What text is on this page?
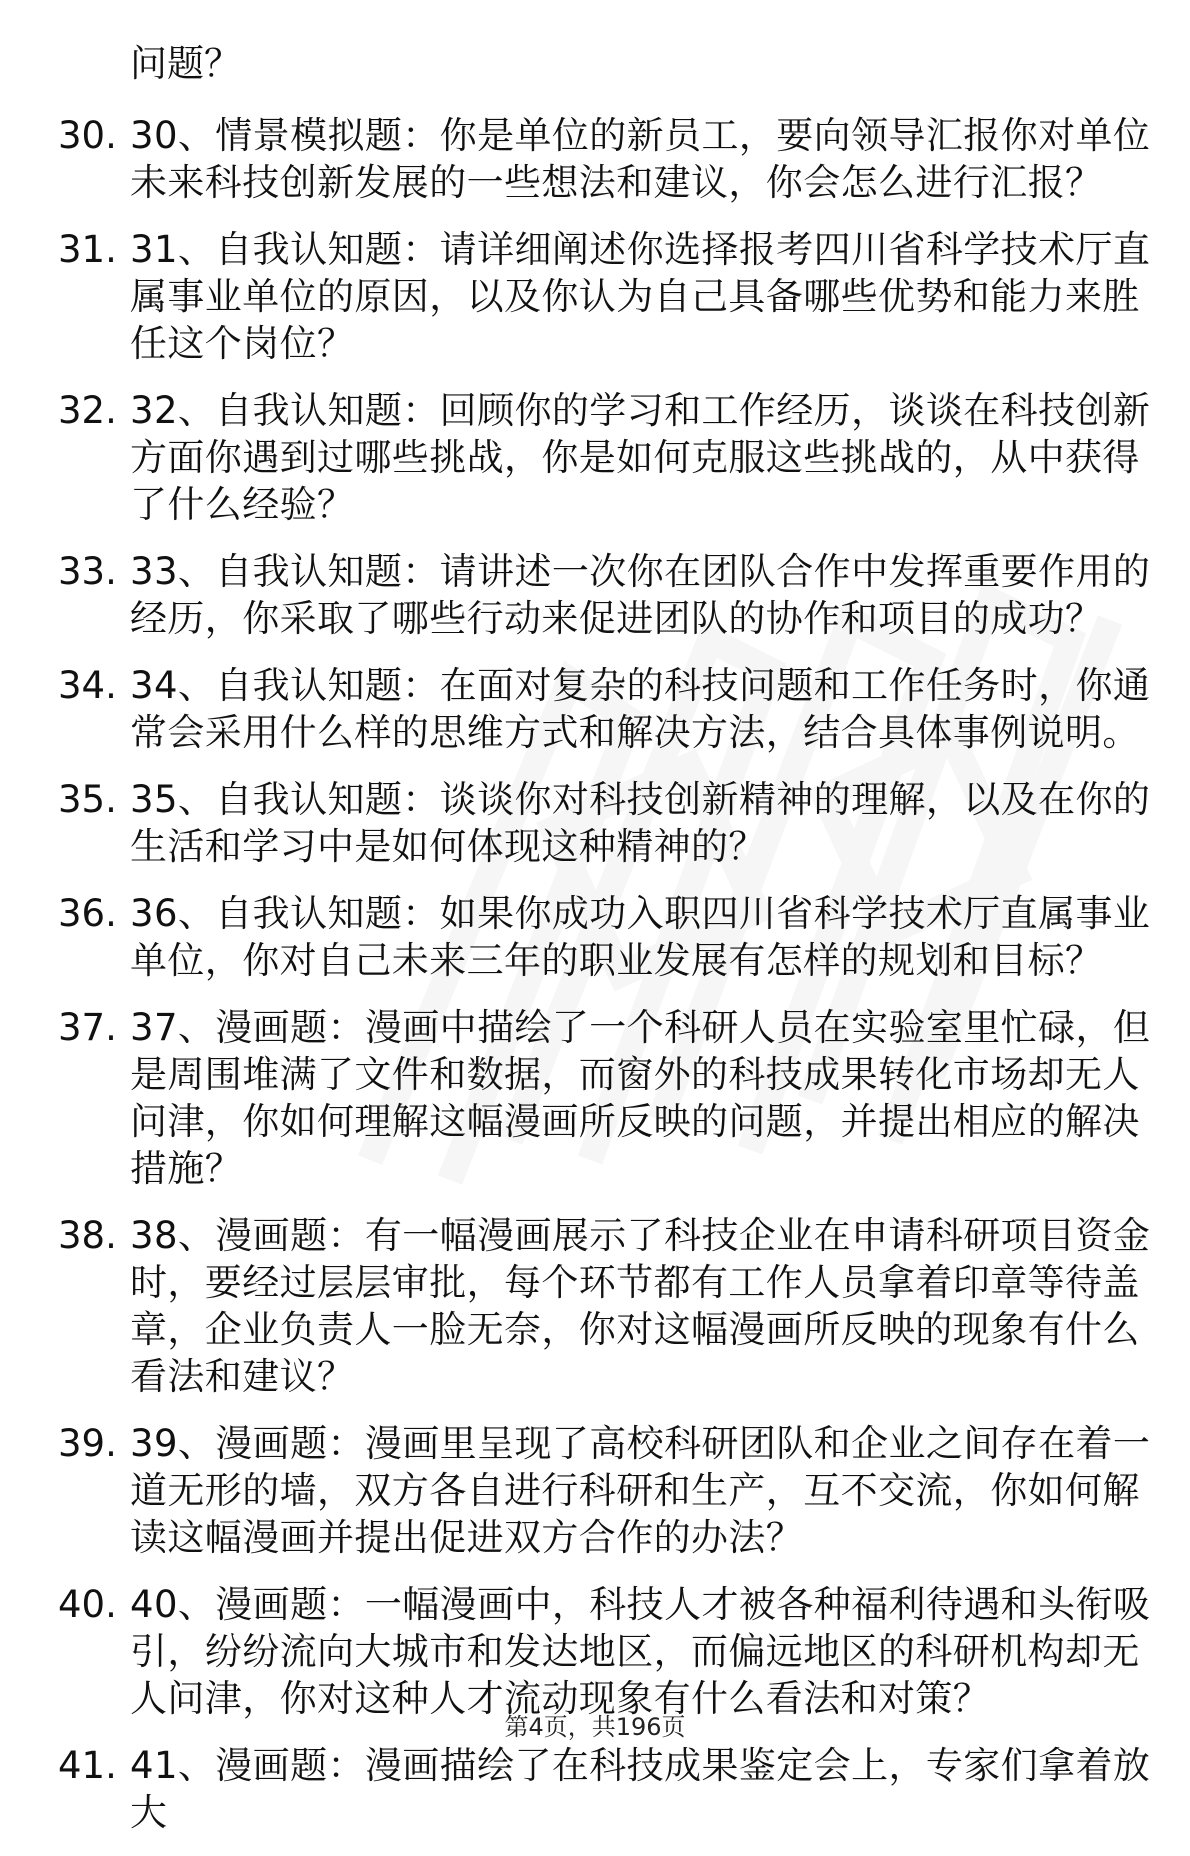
问题？

30. 30、情景模拟题：你是单位的新员工，要向领导汇报你对单位未来科技创新发展的一些想法和建议，你会怎么进行汇报？

31. 31、自我认知题：请详细阐述你选择报考四川省科学技术厅直属事业单位的原因，以及你认为自己具备哪些优势和能力来胜任这个岗位？

32. 32、自我认知题：回顾你的学习和工作经历，谈谈在科技创新方面你遇到过哪些挑战，你是如何克服这些挑战的，从中获得了什么经验？

33. 33、自我认知题：请讲述一次你在团队合作中发挥重要作用的经历，你采取了哪些行动来促进团队的协作和项目的成功？

34. 34、自我认知题：在面对复杂的科技问题和工作任务时，你通常会采用什么样的思维方式和解决方法，结合具体事例说明。

35. 35、自我认知题：谈谈你对科技创新精神的理解，以及在你的生活和学习中是如何体现这种精神的？

36. 36、自我认知题：如果你成功入职四川省科学技术厅直属事业单位，你对自己未来三年的职业发展有怎样的规划和目标？

37. 37、漫画题：漫画中描绘了一个科研人员在实验室里忙碌，但是周围堆满了文件和数据，而窗外的科技成果转化市场却无人问津，你如何理解这幅漫画所反映的问题，并提出相应的解决措施？

38. 38、漫画题：有一幅漫画展示了科技企业在申请科研项目资金时，要经过层层审批，每个环节都有工作人员拿着印章等待盖章，企业负责人一脸无奈，你对这幅漫画所反映的现象有什么看法和建议？

39. 39、漫画题：漫画里呈现了高校科研团队和企业之间存在着一道无形的墙，双方各自进行科研和生产，互不交流，你如何解读这幅漫画并提出促进双方合作的办法？

40. 40、漫画题：一幅漫画中，科技人才被各种福利待遇和头衔吸引，纷纷流向大城市和发达地区，而偏远地区的科研机构却无人问津，你对这种人才流动现象有什么看法和对策？

41. 41、漫画题：漫画描绘了在科技成果鉴定会上，专家们拿着放大

第4页，共196页
